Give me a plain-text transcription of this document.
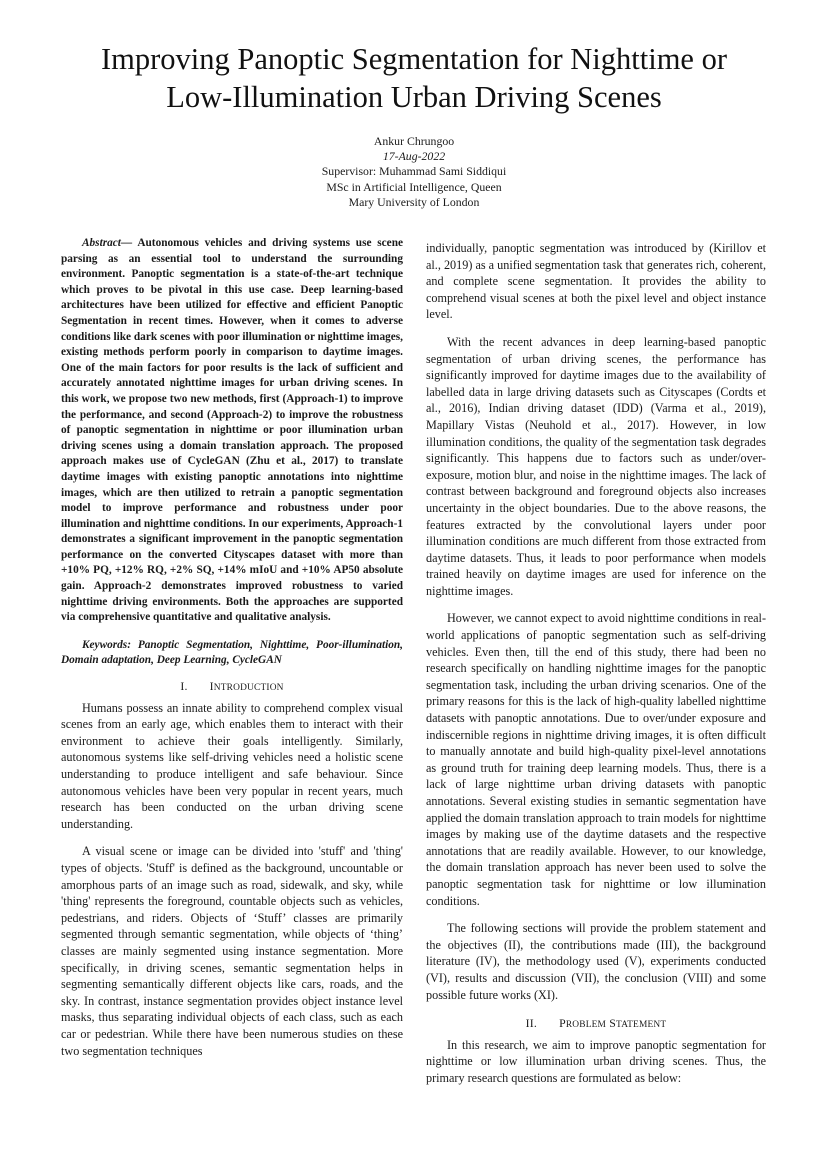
Improving Panoptic Segmentation for Nighttime or
Low-Illumination Urban Driving Scenes
Ankur Chrungoo
17-Aug-2022
Supervisor: Muhammad Sami Siddiqui
MSc in Artificial Intelligence, Queen
Mary University of London

Abstract— Autonomous vehicles and driving systems use scene parsing as an essential tool to understand the surrounding environment. Panoptic segmentation is a state-of-the-art technique which proves to be pivotal in this use case. Deep learning-based architectures have been utilized for effective and efficient Panoptic Segmentation in recent times. However, when it comes to adverse conditions like dark scenes with poor illumination or nighttime images, existing methods perform poorly in comparison to daytime images. One of the main factors for poor results is the lack of sufficient and accurately annotated nighttime images for urban driving scenes. In this work, we propose two new methods, first (Approach-1) to improve the performance, and second (Approach-2) to improve the robustness of panoptic segmentation in nighttime or poor illumination urban driving scenes using a domain translation approach. The proposed approach makes use of CycleGAN (Zhu et al., 2017) to translate daytime images with existing panoptic annotations into nighttime images, which are then utilized to retrain a panoptic segmentation model to improve performance and robustness under poor illumination and nighttime conditions. In our experiments, Approach-1 demonstrates a significant improvement in the panoptic segmentation performance on the converted Cityscapes dataset with more than +10% PQ, +12% RQ, +2% SQ, +14% mIoU and +10% AP50 absolute gain. Approach-2 demonstrates improved robustness to varied nighttime driving environments. Both the approaches are supported via comprehensive quantitative and qualitative analysis.

Keywords: Panoptic Segmentation, Nighttime, Poor-illumination, Domain adaptation, Deep Learning, CycleGAN

I. INTRODUCTION

Humans possess an innate ability to comprehend complex visual scenes from an early age, which enables them to interact with their environment to achieve their goals intelligently. Similarly, autonomous systems like self-driving vehicles need a holistic scene understanding to produce intelligent and safe behaviour. Since autonomous vehicles have been very popular in recent years, much research has been conducted on the urban driving scene understanding.

A visual scene or image can be divided into 'stuff' and 'thing' types of objects. 'Stuff' is defined as the background, uncountable or amorphous parts of an image such as road, sidewalk, and sky, while 'thing' represents the foreground, countable objects such as vehicles, pedestrians, and riders. Objects of ‘Stuff’ classes are primarily segmented through semantic segmentation, while objects of ‘thing’ classes are mainly segmented using instance segmentation. More specifically, in driving scenes, semantic segmentation helps in segmenting semantically different objects like cars, roads, and the sky. In contrast, instance segmentation provides object instance level masks, thus separating individual objects of each class, such as each car or pedestrian. While there have been numerous studies on these two segmentation techniques

individually, panoptic segmentation was introduced by (Kirillov et al., 2019) as a unified segmentation task that generates rich, coherent, and complete scene segmentation. It provides the ability to comprehend visual scenes at both the pixel level and object instance level.

With the recent advances in deep learning-based panoptic segmentation of urban driving scenes, the performance has significantly improved for daytime images due to the availability of labelled data in large driving datasets such as Cityscapes (Cordts et al., 2016), Indian driving dataset (IDD) (Varma et al., 2019), Mapillary Vistas (Neuhold et al., 2017). However, in low illumination conditions, the quality of the segmentation task degrades significantly. This happens due to factors such as under/over-exposure, motion blur, and noise in the nighttime images. The lack of contrast between background and foreground objects also increases uncertainty in the object boundaries. Due to the above reasons, the features extracted by the convolutional layers under poor illumination conditions are much different from those extracted from daytime datasets. Thus, it leads to poor performance when models trained heavily on daytime images are used for inference on the nighttime images.

However, we cannot expect to avoid nighttime conditions in real-world applications of panoptic segmentation such as self-driving vehicles. Even then, till the end of this study, there had been no research specifically on handling nighttime images for the panoptic segmentation task, including the urban driving scenarios. One of the primary reasons for this is the lack of high-quality labelled nighttime datasets with panoptic annotations. Due to over/under exposure and indiscernible regions in nighttime driving images, it is often difficult to manually annotate and build high-quality pixel-level annotations as ground truth for training deep learning models. Thus, there is a lack of large nighttime urban driving datasets with panoptic annotations. Several existing studies in semantic segmentation have applied the domain translation approach to train models for nighttime images by making use of the daytime datasets and the respective annotations that are readily available. However, to our knowledge, the domain translation approach has never been used to solve the panoptic segmentation task for nighttime or low illumination conditions.

The following sections will provide the problem statement and the objectives (II), the contributions made (III), the background literature (IV), the methodology used (V), experiments conducted (VI), results and discussion (VII), the conclusion (VIII) and some possible future works (XI).

II. PROBLEM STATEMENT

In this research, we aim to improve panoptic segmentation for nighttime or low illumination urban driving scenes. Thus, the primary research questions are formulated as below:
